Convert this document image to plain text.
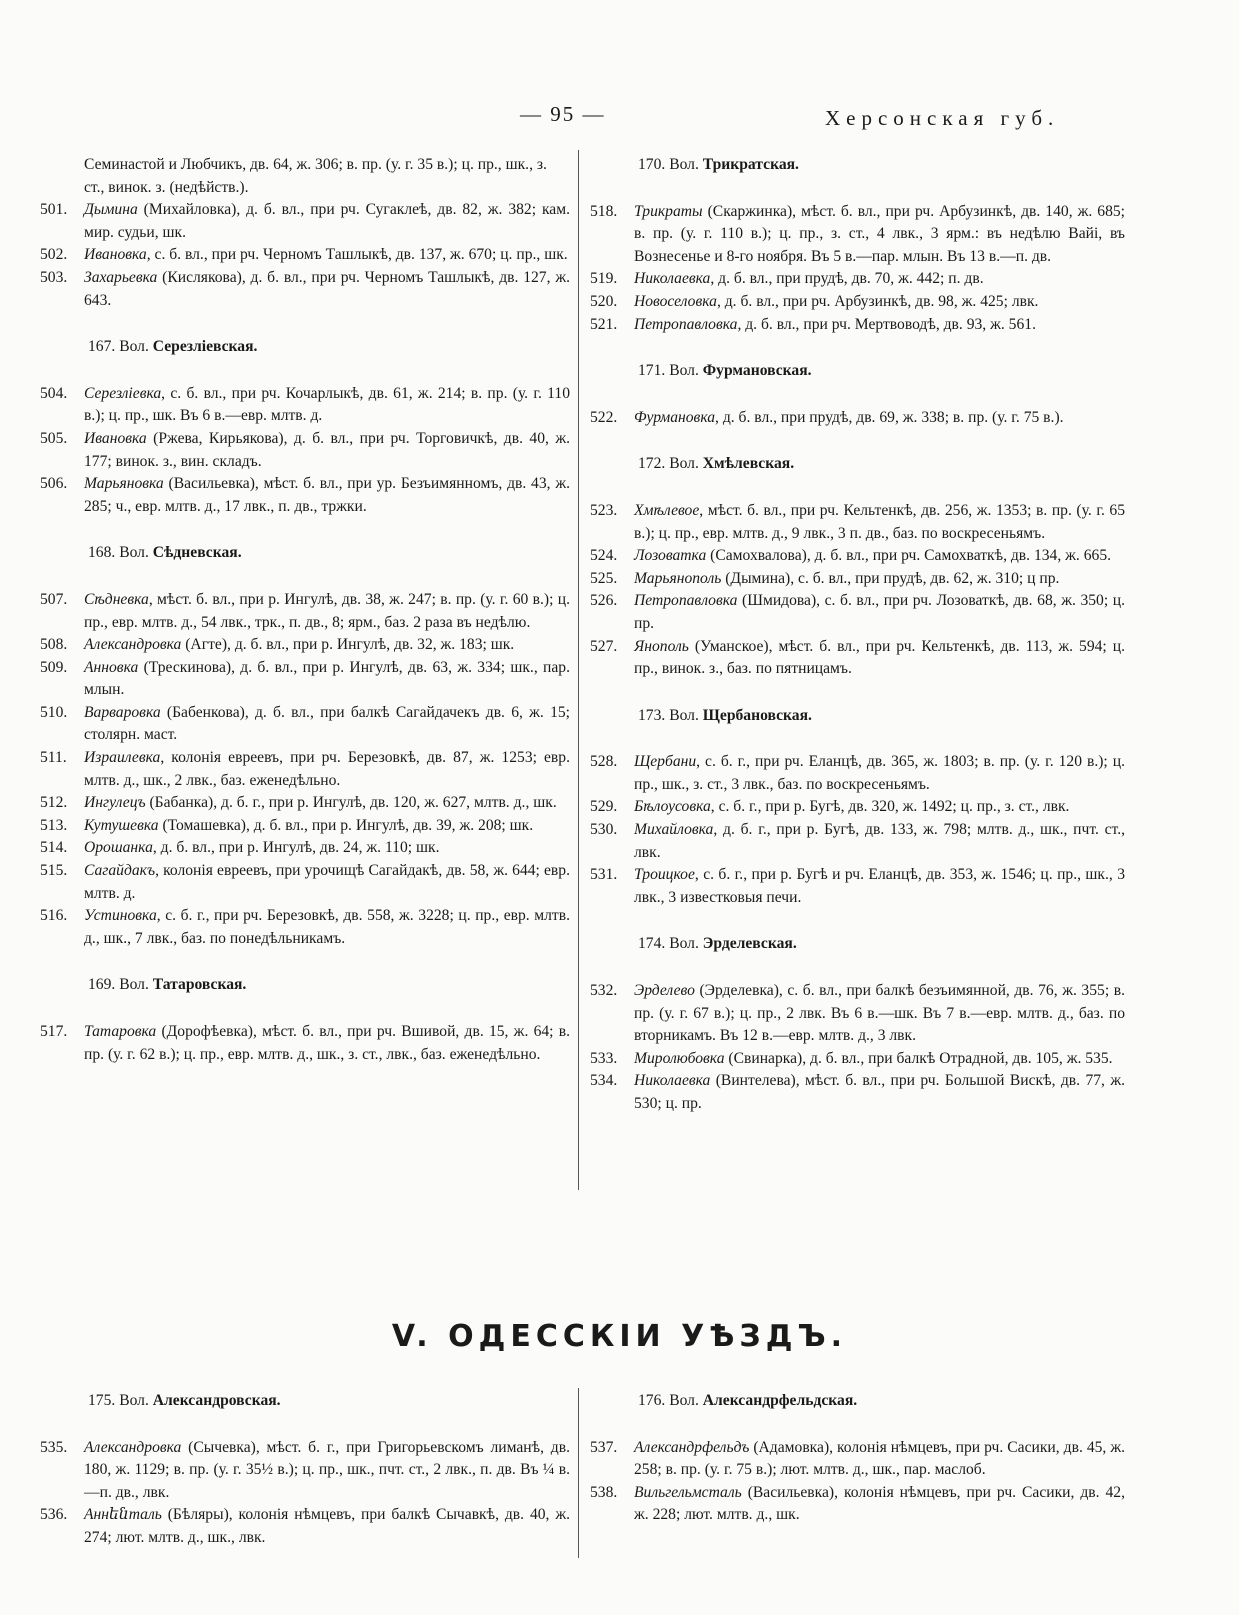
— 95 —	Херсонская губ.
Семинастой и Любчикъ, дв. 64, ж. 306; в. пр. (у. г. 35 в.); ц. пр., шк., з. ст., винок. з. (недѣйств.).
501. Дымина (Михайловка), д. б. вл., при рч. Сугаклеѣ, дв. 82, ж. 382; кам. мир. судьи, шк.
502. Ивановка, с. б. вл., при рч. Черномъ Ташлыкѣ, дв. 137, ж. 670; ц. пр., шк.
503. Захарьевка (Кислякова), д. б. вл., при рч. Черномъ Ташлыкѣ, дв. 127, ж. 643.
167. Вол. Серезлiевская.
504. Серезлiевка, с. б. вл., при рч. Кочарлыкѣ, дв. 61, ж. 214; в. пр. (у. г. 110 в.); ц. пр., шк. Въ 6 в.—евр. млтв. д.
505. Ивановка (Ржева, Кирьякова), д. б. вл., при рч. Торговичкѣ, дв. 40, ж. 177; винок. з., вин. складъ.
506. Марьяновка (Васильевка), мѣст. б. вл., при ур. Безъимянномъ, дв. 43, ж. 285; ч., евр. млтв. д., 17 лвк., п. дв., тржки.
168. Вол. Сѣдневская.
507. Сѣдневка, мѣст. б. вл., при р. Ингулѣ, дв. 38, ж. 247; в. пр. (у. г. 60 в.); ц. пр., евр. млтв. д., 54 лвк., трк., п. дв., 8; ярм., баз. 2 раза въ недѣлю.
508. Александровка (Агте), д. б. вл., при р. Ингулѣ, дв. 32, ж. 183; шк.
509. Анновка (Трескинова), д. б. вл., при р. Ингулѣ, дв. 63, ж. 334; шк., пар. млын.
510. Варваровка (Бабенкова), д. б. вл., при балкѣ Сагайдачекъ дв. 6, ж. 15; столярн. маст.
511. Израилевка, колонiя евреевъ, при рч. Березовкѣ, дв. 87, ж. 1253; евр. млтв. д., шк., 2 лвк., баз. еженедѣльно.
512. Ингулецъ (Бабанка), д. б. г., при р. Ингулѣ, дв. 120, ж. 627, млтв. д., шк.
513. Кутушевка (Томашевка), д. б. вл., при р. Ингулѣ, дв. 39, ж. 208; шк.
514. Орошанка, д. б. вл., при р. Ингулѣ, дв. 24, ж. 110; шк.
515. Сагайдакъ, колонiя евреевъ, при урочищѣ Сагайдакѣ, дв. 58, ж. 644; евр. млтв. д.
516. Устиновка, с. б. г., при рч. Березовкѣ, дв. 558, ж. 3228; ц. пр., евр. млтв. д., шк., 7 лвк., баз. по понедѣльникамъ.
169. Вол. Татаровская.
517. Татаровка (Дорофѣевка), мѣст. б. вл., при рч. Вшивой, дв. 15, ж. 64; в. пр. (у. г. 62 в.); ц. пр., евр. млтв. д., шк., з. ст., лвк., баз. еженедѣльно.
170. Вол. Трикратская.
518. Трикраты (Скаржинка), мѣст. б. вл., при рч. Арбузинкѣ, дв. 140, ж. 685; в. пр. (у. г. 110 в.); ц. пр., з. ст., 4 лвк., 3 ярм.: въ недѣлю Вайі, въ Вознесенье и 8-го ноября. Въ 5 в.—пар. млын. Въ 13 в.—п. дв.
519. Николаевка, д. б. вл., при прудѣ, дв. 70, ж. 442; п. дв.
520. Новоселовка, д. б. вл., при рч. Арбузинкѣ, дв. 98, ж. 425; лвк.
521. Петропавловка, д. б. вл., при рч. Мертвоводѣ, дв. 93, ж. 561.
171. Вол. Фурмановская.
522. Фурмановка, д. б. вл., при прудѣ, дв. 69, ж. 338; в. пр. (у. г. 75 в.).
172. Вол. Хмѣлевская.
523. Хмѣлевое, мѣст. б. вл., при рч. Кельтенкѣ, дв. 256, ж. 1353; в. пр. (у. г. 65 в.); ц. пр., евр. млтв. д., 9 лвк., 3 п. дв., баз. по воскресеньямъ.
524. Лозоватка (Самохвалова), д. б. вл., при рч. Самохваткѣ, дв. 134, ж. 665.
525. Марьянополь (Дымина), с. б. вл., при прудѣ, дв. 62, ж. 310; ц пр.
526. Петропавловка (Шмидова), с. б. вл., при рч. Лозоваткѣ, дв. 68, ж. 350; ц. пр.
527. Янополь (Уманское), мѣст. б. вл., при рч. Кельтенкѣ, дв. 113, ж. 594; ц. пр., винок. з., баз. по пятницамъ.
173. Вол. Щербановская.
528. Щербани, с. б. г., при рч. Еланцѣ, дв. 365, ж. 1803; в. пр. (у. г. 120 в.); ц. пр., шк., з. ст., 3 лвк., баз. по воскресеньямъ.
529. Бѣлоусовка, с. б. г., при р. Бугѣ, дв. 320, ж. 1492; ц. пр., з. ст., лвк.
530. Михайловка, д. б. г., при р. Бугѣ, дв. 133, ж. 798; млтв. д., шк., пчт. ст., лвк.
531. Троицкое, с. б. г., при р. Бугѣ и рч. Еланцѣ, дв. 353, ж. 1546; ц. пр., шк., 3 лвк., 3 известковыя печи.
174. Вол. Эрделевская.
532. Эрделево (Эрделевка), с. б. вл., при балкѣ безъимянной, дв. 76, ж. 355; в. пр. (у. г. 67 в.); ц. пр., 2 лвк. Въ 6 в.—шк. Въ 7 в.—евр. млтв. д., баз. по вторникамъ. Въ 12 в.—евр. млтв. д., 3 лвк.
533. Миролюбовка (Свинарка), д. б. вл., при балкѣ Отрадной, дв. 105, ж. 535.
534. Николаевка (Винтелева), мѣст. б. вл., при рч. Большой Вискѣ, дв. 77, ж. 530; ц. пр.
V. ОДЕССКIИ УѢЗДЪ.
175. Вол. Александровская.
535. Александровка (Сычевка), мѣст. б. г., при Григорьевскомъ лиманѣ, дв. 180, ж. 1129; в. пр. (у. г. 35½ в.); ц. пр., шк., пчт. ст., 2 лвк., п. дв. Въ ¼ в.—п. дв., лвк.
536. Аннենталь (Бѣляры), колонiя нѣмцевъ, при балкѣ Сычавкѣ, дв. 40, ж. 274; лют. млтв. д., шк., лвк.
176. Вол. Александрфельдская.
537. Александрфельдъ (Адамовка), колонiя нѣмцевъ, при рч. Сасики, дв. 45, ж. 258; в. пр. (у. г. 75 в.); лют. млтв. д., шк., пар. маслоб.
538. Вильгельмсталь (Васильевка), колонiя нѣмцевъ, при рч. Сасики, дв. 42, ж. 228; лют. млтв. д., шк.
